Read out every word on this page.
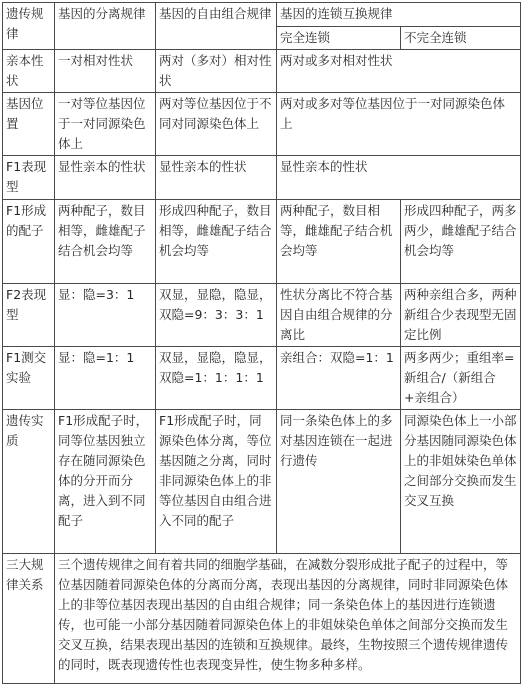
遗传规律	基因的分离规律	基因的自由组合规律	基因的连锁互换规律	
			完全连锁	不完全连锁
亲本性状	一对相对性状	两对（多对）相对性状	两对或多对相对性状	
基因位置	一对等位基因位于一对同源染色体上	两对等位基因位于不同对同源染色体上	两对或多对等位基因位于一对同源染色体上	
F1表现型	显性亲本的性状	显性亲本的性状	显性亲本的性状	
F1形成的配子	两种配子，数目相等，雌雄配子结合机会均等	形成四种配子，数目相等，雌雄配子结合机会均等	两种配子，数目相等，雌雄配子结合机会均等	形成四种配子，两多两少，雌雄配子结合机会均等
F2表现型	显：隐=3：1	双显，显隐，隐显，双隐=9：3：3：1	性状分离比不符合基因自由组合规律的分离比	两种亲组合多，两种新组合少表现型无固定比例
F1测交实验	显：隐=1：1	双显，显隐，隐显，双隐=1：1：1：1	亲组合：双隐=1：1	两多两少；重组率=新组合/（新组合+亲组合）
遗传实质	F1形成配子时，同等位基因独立存在随同源染色体的分开而分离，进入到不同配子	F1形成配子时，同源染色体分离，等位基因随之分离，同时非同源染色体上的非等位基因自由组合进入不同的配子	同一条染色体上的多对基因连锁在一起进行遗传	同源染色体上一小部分基因随同源染色体上的非姐妹染色单体之间部分交换而发生交叉互换
三大规律关系	三个遗传规律之间有着共同的细胞学基础，在减数分裂形成批子配子的过程中，等位基因随着同源染色体的分离而分离，表现出基因的分离规律，同时非同源染色体上的非等位基因表现出基因的自由组合规律；同一条染色体上的基因进行连锁遗传，也可能一小部分基因随着同源染色体上的非姐妹染色单体之间部分交换而发生交叉互换，结果表现出基因的连锁和互换规律。最终，生物按照三个遗传规律遗传的同时，既表现遗传性也表现变异性，使生物多种多样。			
